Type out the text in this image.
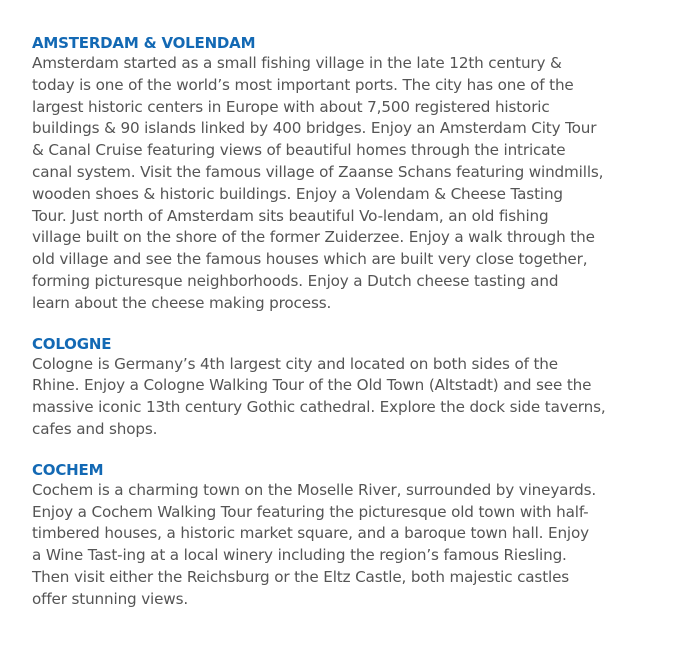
AMSTERDAM & VOLENDAM

Amsterdam started as a small fishing village in the late 12th century &
today is one of the world’s most important ports. The city has one of the
largest historic centers in Europe with about 7,500 registered historic
buildings & 90 islands linked by 400 bridges. Enjoy an Amsterdam City Tour
& Canal Cruise featuring views of beautiful homes through the intricate
canal system. Visit the famous village of Zaanse Schans featuring windmills,
wooden shoes & historic buildings. Enjoy a Volendam & Cheese Tasting
Tour. Just north of Amsterdam sits beautiful Vo-lendam, an old fishing
village built on the shore of the former Zuiderzee. Enjoy a walk through the
old village and see the famous houses which are built very close together,
forming picturesque neighborhoods. Enjoy a Dutch cheese tasting and
learn about the cheese making process.

COLOGNE

Cologne is Germany’s 4th largest city and located on both sides of the
Rhine. Enjoy a Cologne Walking Tour of the Old Town (Altstadt) and see the
massive iconic 13th century Gothic cathedral. Explore the dock side taverns,
cafes and shops.

COCHEM

Cochem is a charming town on the Moselle River, surrounded by vineyards.
Enjoy a Cochem Walking Tour featuring the picturesque old town with half-
timbered houses, a historic market square, and a baroque town hall. Enjoy
a Wine Tast-ing at a local winery including the region’s famous Riesling.
Then visit either the Reichsburg or the Eltz Castle, both majestic castles
offer stunning views.
